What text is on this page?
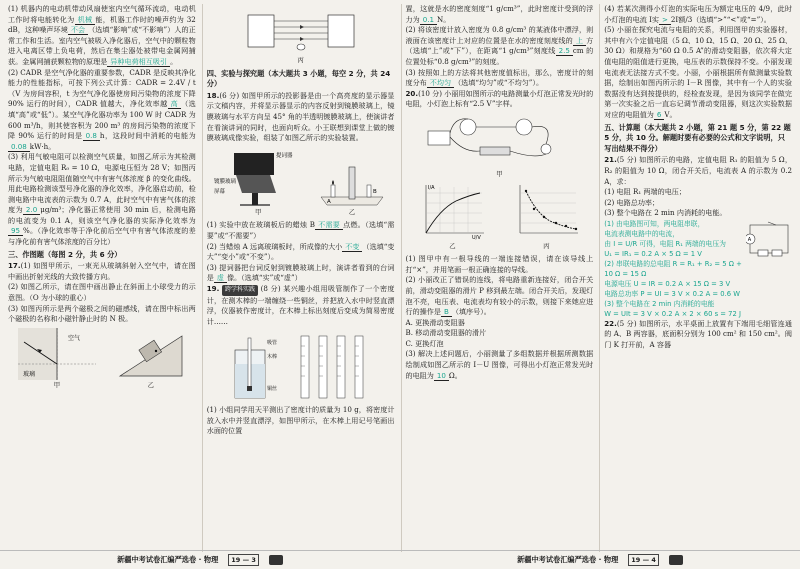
(1) 机器内的电动机带动风扇使室内空气循环流动，电动机工作时将电能转化为 机械 能，机器工作时的噪声约为 32 dB，这种噪声环境 不会 （选填“影响”或“不影响”）人的正常工作和生活。室内空气被吸入净化器后，空气中的颗粒物进入电离区带上负电荷，然后在集尘器处被带电金属网捕获。金属网捕获颗粒物的原理是 异种电荷相互吸引 。

(2) CADR 是空气净化器的重要参数，CADR 是反映其净化能力的性能指标，可按下列公式计算：CADR = 2.4V / t（V 为房间容积，t 为空气净化器使房间污染物的浓度下降 90% 运行的时间），CADR 值越大，净化效率越 高 （选填“高”或“低”）。某空气净化器功率为 100 W 时 CADR 为 600 m³/h，则其使容积为 200 m³ 的房间污染物的浓度下降 90% 运行的时间是 0.8 h，这段时间中消耗的电能为0.08 kW·h。

(3) 利用气敏电阻可以检测空气质量，如图乙所示为其检测电路，定值电阻 R₀ = 10 Ω，电源电压恒为 28 V；如图丙所示为气敏电阻阻值随空气中有害气体浓度 β 的变化曲线。用此电路检测该型号净化器的净化效率，净化器启动前，检测电路中电流表的示数为 0.7 A，此时空气中有害气体的浓度为 2.0 μg/m³；净化器正常使用 30 min 后，检测电路的电流变为 0.1 A，则该空气净化器的实际净化效率为95 %。（净化效率等于净化前后空气中有害气体浓度的差与净化前有害气体浓度的百分比）

三、作图题（每图 2 分，共 6 分）

17.(1) 如图甲所示，一束光从玻璃斜射入空气中，请在图中画出折射光线的大致传播方向。

(2) 如图乙所示，请在图中画出静止在斜面上小球受力的示意图。（O 为小球的重心）

(3) 如图丙所示是两个磁极之间的磁感线，请在图中标出两个磁极的名称和小磁针静止时的 N 极。

玻璃
空气
甲	乙
丙
四、实验与探究题（本大题共 3 小题，每空 2 分，共 24 分）

18.(6 分) 如图甲所示的投影器是由一个高亮度的显示器显示文稿内容，并将显示器显示的内容反射到镜膜玻璃上，镜膜玻璃与水平方向呈 45° 角的半透明镀膜玻璃上，使演讲者在看演讲词的同时，也面向听众。小王联想到课堂上做的镀膜玻璃成像实验，组装了如图乙所示的实验装置。

提词器
镀膜玻璃
屏幕
甲
A
B
乙

(1) 实验中放在玻璃板后的蜡烛 B 不需要 点燃。（选填“需要”或“不需要”）

(2) 当蜡烛 A 远离玻璃板时，所成像的大小 不变 （选填“变大”“变小”或“不变”）。

(3) 提词器把台词反射到镀膜玻璃上时，演讲者看到的台词是 虚 像。（选填“实”或“虚”）

19. 跨学科实践 (8 分) 某兴趣小组用吸管制作了一个密度计，在测木棒的一端缠绕一些铜丝，并把放入水中时竖直漂浮，仪器被作密度计，在木棒上标出刻度后变成为简易密度计……

吸管
木棒
铜丝

(1) 小组同学用天平测出了密度计的质量为 10 g，将密度计放入水中并竖直漂浮，如图甲所示，在木棒上用记号笔画出水面的位置

置，这就是水的密度刻度“1 g/cm³”，此时密度计受到的浮力为 0.1 N。

(2) 将该密度计放入密度为 0.8 g/cm³ 的某液体中漂浮，则液面在该密度计上对应的位置是在水的密度刻度线的 上 方（选填“上”或“下”），在距离“1 g/cm³”刻度线 2.5 cm 的位置处标“0.8 g/cm³”的刻度。

(3) 按照如上的方法将其他密度值标出，那么，密度计的刻度分布 不均匀 （选填“均匀”或“不均匀”）。

20.(10 分) 小丽用如图所示的电路测量小灯泡正常发光时的电阻，小灯泡上标有“2.5 V”字样。

甲
I/A
U/V
乙	丙

(1) 图甲中有一根导线的一端连接错误，请在该导线上打“×”，并用笔画一根正确连接的导线。

(2) 小丽改正了错误的连线，将电路重新连接好，闭合开关前，滑动变阻器的滑片 P 移到最左端。闭合开关后，发现灯泡不亮，电压表、电流表均有较小的示数，则接下来她应进行的操作是 B （填序号）。

A. 更换滑动变阻器

B. 移动滑动变阻器的滑片

C. 更换灯泡

(3) 解决上述问题后，小丽测量了多组数据并根据所测数据绘制成如图乙所示的 I－U 图像，可得出小灯泡正常发光时的电阻为 10 Ω。

(4) 若某次测得小灯泡的实际电压为额定电压的 4/9，此时小灯泡的电流 I实 > 2I额/3（选填“>”“<”或“=”）。

(5) 小丽在探究电流与电阻的关系，利用图甲的实验器材，其中有六个定值电阻（5 Ω、10 Ω、15 Ω、20 Ω、25 Ω、30 Ω）和规格为“60 Ω 0.5 A”的滑动变阻器，依次将大定值电阻的阻值进行更换，电压表的示数保持不变。小丽发现电流表无法接方式不变。小丽，小丽根据所有做测量实验数据，绘制出如图丙所示的 I－R 图像，其中有一个人的实验数据没有达到按提供的，经检查发现，是因为该同学在做完第一次实验之后一直忘记调节滑动变阻器，则这次实验数据对应的电阻值为 6 V。

五、计算题（本大题共 2 小题，第 21 题 5 分，第 22 题 5 分，共 10 分。解题时要有必要的公式和文字说明，只写出结果不得分）

21.(5 分) 如图所示的电路，定值电阻 R₁ 的阻值为 5 Ω，R₂ 的阻值为 10 Ω，闭合开关后，电流表 A 的示数为 0.2 A，求：

(1) 电阻 R₁ 两端的电压；

(2) 电路总功率；

(3) 整个电路在 2 min 内消耗的电能。

(1) 由电路图可知，两电阻串联，
电流表测电路中的电流，
由 I = U/R 可得，电阻 R₁ 两端的电压为
U₁ = IR₁ = 0.2 A × 5 Ω = 1 V
(2) 串联电路的总电阻 R = R₁ + R₂ = 5 Ω + 10 Ω = 15 Ω
电源电压 U = IR = 0.2 A × 15 Ω = 3 V
电路总功率 P = UI = 3 V × 0.2 A = 0.6 W
(3) 整个电路在 2 min 内消耗的电能
W = UIt = 3 V × 0.2 A × 2 × 60 s = 72 J
A

22.(5 分) 如图所示，水平桌面上放置有下端用毛细管连通的 A、B 两容器，底面积分别为 100 cm² 和 150 cm²。阀门 K 打开前，A 容器

新疆中考试卷汇编严选卷 · 物理	19 — 3	新疆中考试卷汇编严选卷 · 物理	19 — 4
